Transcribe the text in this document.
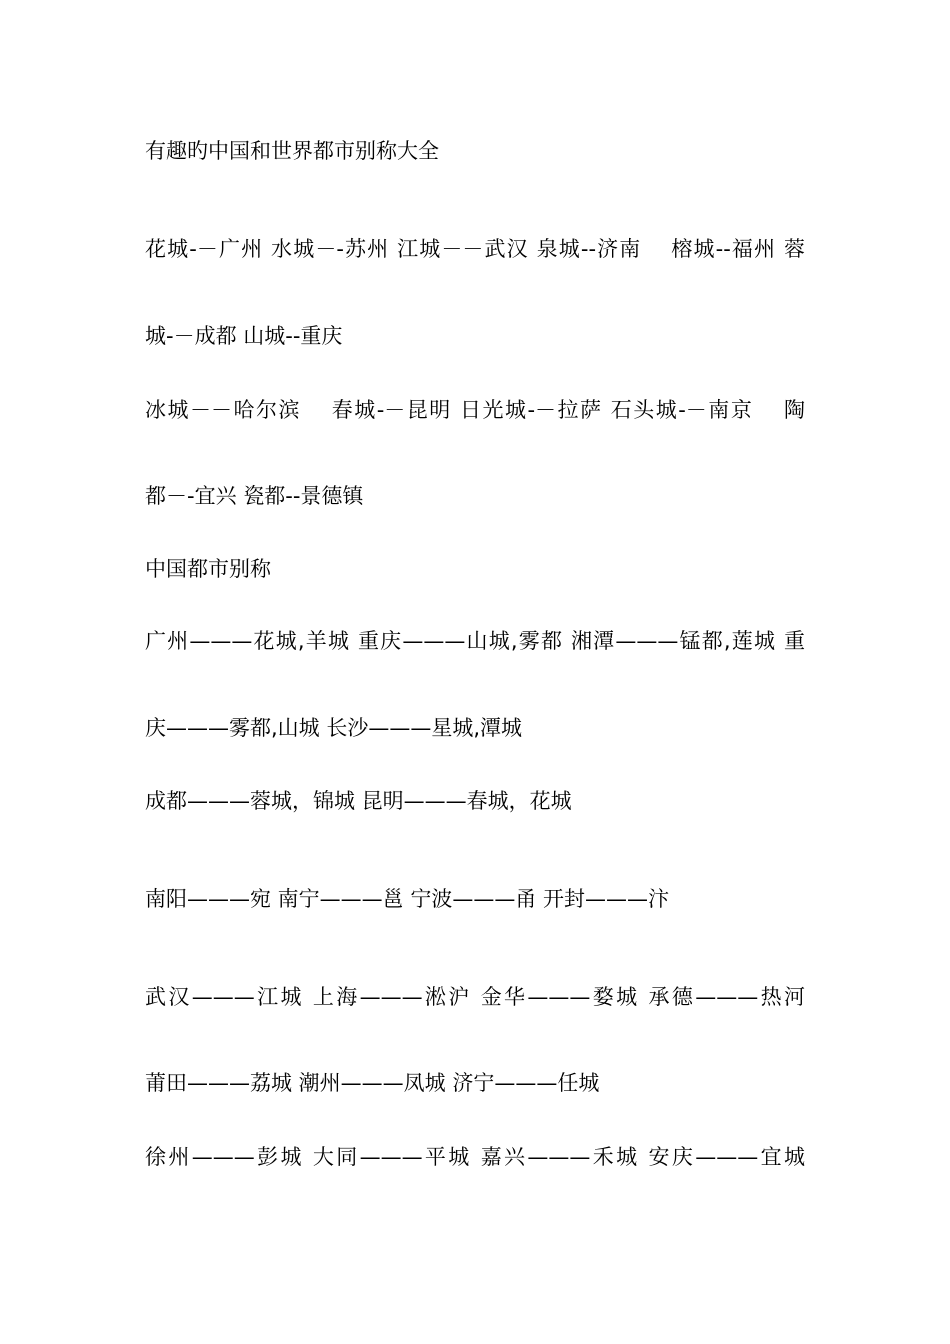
有趣旳中国和世界都市别称大全
花城-－广州 水城－-苏州 江城－－武汉 泉城--济南 　榕城--福州 蓉
城-－成都 山城--重庆
冰城－－哈尔滨　 春城-－昆明 日光城-－拉萨 石头城-－南京　 陶
都－-宜兴 瓷都--景德镇
中国都市别称
广州———花城,羊城 重庆———山城,雾都 湘潭———锰都,莲城 重
庆———雾都,山城 长沙———星城,潭城
成都———蓉城，锦城 昆明———春城，花城
南阳———宛 南宁———邕 宁波———甬 开封———汴
武汉———江城 上海———淞沪 金华———婺城 承德———热河
莆田———荔城 潮州———凤城 济宁———任城
徐州———彭城 大同———平城 嘉兴———禾城 安庆———宜城
